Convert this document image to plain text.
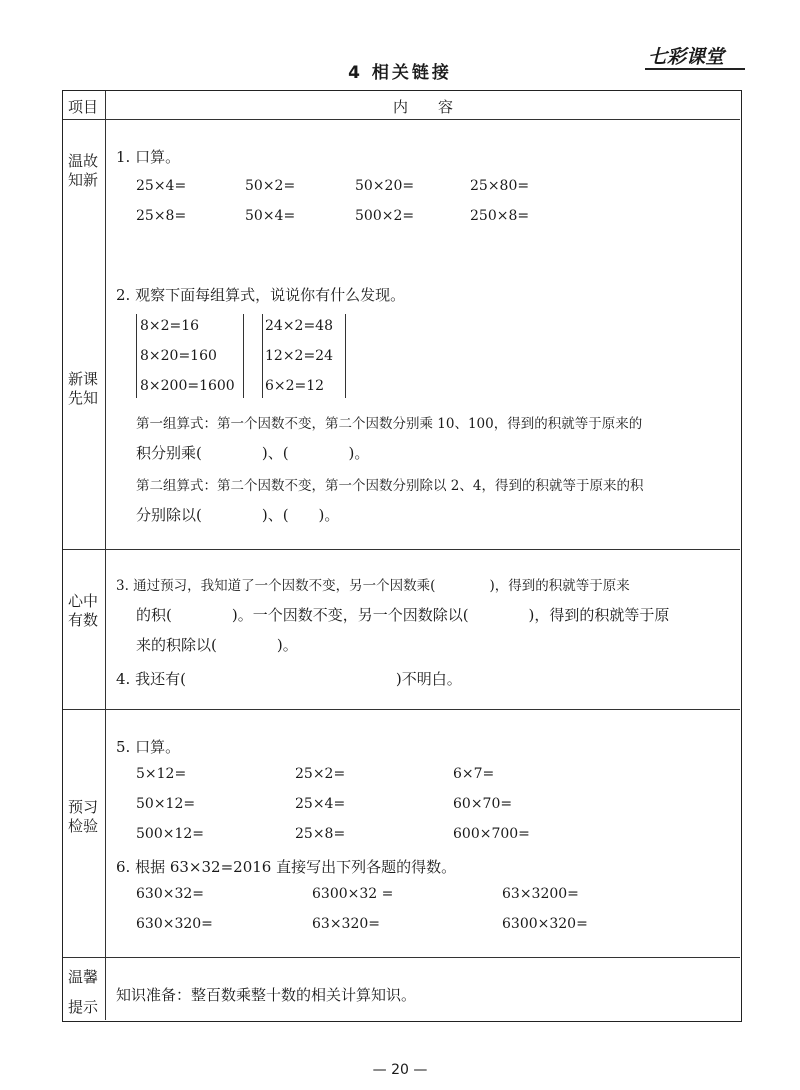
4 相关链接
七彩课堂
项目	内　　容
温故知新
1. 口算。
25×4=	50×2=	50×20=	25×80=
25×8=	50×4=	500×2=	250×8=
新课先知
2. 观察下面每组算式，说说你有什么发现。
8×2=16
8×20=160
8×200=1600
24×2=48
12×2=24
6×2=12
第一组算式：第一个因数不变，第二个因数分别乘 10、100，得到的积就等于原来的
积分别乘(　　　　)、(　　　　)。
第二组算式：第二个因数不变，第一个因数分别除以 2、4，得到的积就等于原来的积
分别除以(　　　　)、(　　)。
心中有数
3. 通过预习，我知道了一个因数不变，另一个因数乘(　　　　)，得到的积就等于原来
的积(　　　　)。一个因数不变，另一个因数除以(　　　　)，得到的积就等于原
来的积除以(　　　　)。
4. 我还有(　　　　　　　　　　　　　　)不明白。
预习检验
5. 口算。
5×12=	25×2=	6×7=
50×12=	25×4=	60×70=
500×12=	25×8=	600×700=
6. 根据 63×32=2016 直接写出下列各题的得数。
630×32=	6300×32 =	63×3200=
630×320=	63×320=	6300×320=
温馨
提示
知识准备：整百数乘整十数的相关计算知识。
— 20 —
